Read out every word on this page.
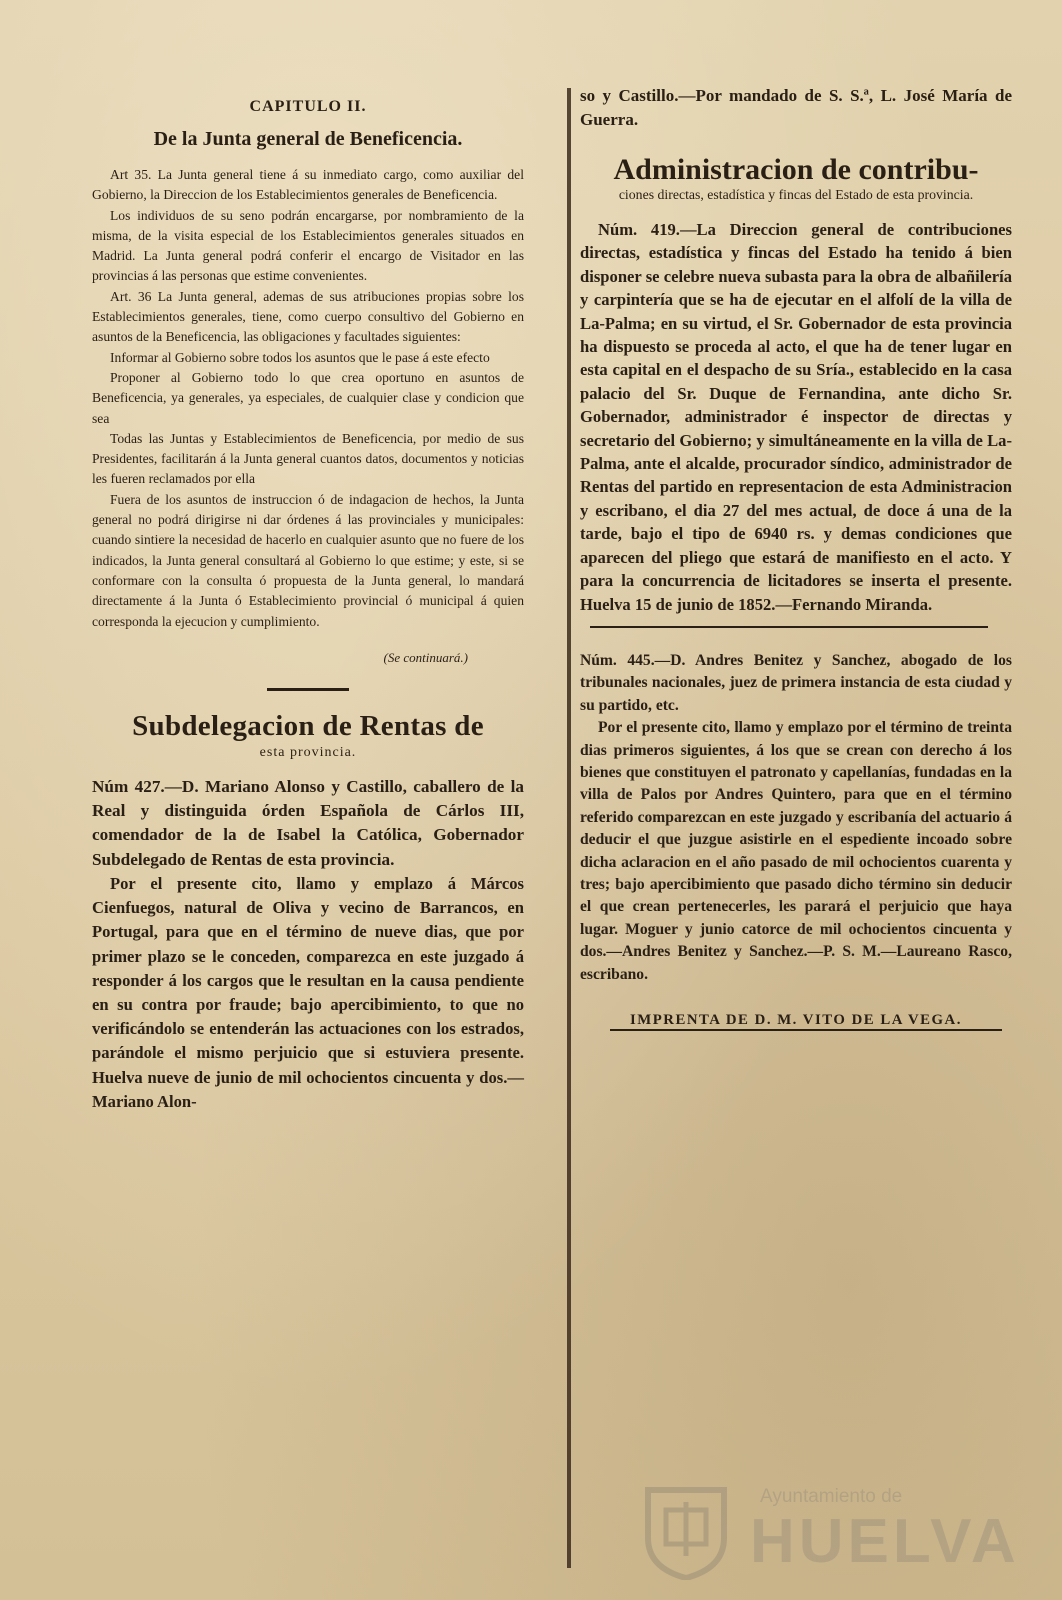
CAPITULO II.
De la Junta general de Beneficencia.

Art 35. La Junta general tiene á su inmediato cargo, como auxiliar del Gobierno, la Direccion de los Establecimientos generales de Beneficencia.

Los individuos de su seno podrán encargarse, por nombramiento de la misma, de la visita especial de los Establecimientos generales situados en Madrid. La Junta general podrá conferir el encargo de Visitador en las provincias á las personas que estime convenientes.

Art. 36 La Junta general, ademas de sus atribuciones propias sobre los Establecimientos generales, tiene, como cuerpo consultivo del Gobierno en asuntos de la Beneficencia, las obligaciones y facultades siguientes:

Informar al Gobierno sobre todos los asuntos que le pase á este efecto

Proponer al Gobierno todo lo que crea oportuno en asuntos de Beneficencia, ya generales, ya especiales, de cualquier clase y condicion que sea

Todas las Juntas y Establecimientos de Beneficencia, por medio de sus Presidentes, facilitarán á la Junta general cuantos datos, documentos y noticias les fueren reclamados por ella

Fuera de los asuntos de instruccion ó de indagacion de hechos, la Junta general no podrá dirigirse ni dar órdenes á las provinciales y municipales: cuando sintiere la necesidad de hacerlo en cualquier asunto que no fuere de los indicados, la Junta general consultará al Gobierno lo que estime; y este, si se conformare con la consulta ó propuesta de la Junta general, lo mandará directamente á la Junta ó Establecimiento provincial ó municipal á quien corresponda la ejecucion y cumplimiento.

(Se continuará.)
Subdelegacion de Rentas de
esta provincia.

Núm 427.—D. Mariano Alonso y Castillo, caballero de la Real y distinguida órden Española de Cárlos III, comendador de la de Isabel la Católica, Gobernador Subdelegado de Rentas de esta provincia.

Por el presente cito, llamo y emplazo á Márcos Cienfuegos, natural de Oliva y vecino de Barrancos, en Portugal, para que en el término de nueve dias, que por primer plazo se le conceden, comparezca en este juzgado á responder á los cargos que le resultan en la causa pendiente en su contra por fraude; bajo apercibimiento, to que no verificándolo se entenderán las actuaciones con los estrados, parándole el mismo perjuicio que si estuviera presente. Huelva nueve de junio de mil ochocientos cincuenta y dos.—Mariano Alon-

so y Castillo.—Por mandado de S. S.ª, L. José María de Guerra.

Administracion de contribu-
ciones directas, estadística y fincas del Estado de esta provincia.

Núm. 419.—La Direccion general de contribuciones directas, estadística y fincas del Estado ha tenido á bien disponer se celebre nueva subasta para la obra de albañilería y carpintería que se ha de ejecutar en el alfolí de la villa de La-Palma; en su virtud, el Sr. Gobernador de esta provincia ha dispuesto se proceda al acto, el que ha de tener lugar en esta capital en el despacho de su Sría., establecido en la casa palacio del Sr. Duque de Fernandina, ante dicho Sr. Gobernador, administrador é inspector de directas y secretario del Gobierno; y simultáneamente en la villa de La-Palma, ante el alcalde, procurador síndico, administrador de Rentas del partido en representacion de esta Administracion y escribano, el dia 27 del mes actual, de doce á una de la tarde, bajo el tipo de 6940 rs. y demas condiciones que aparecen del pliego que estará de manifiesto en el acto. Y para la concurrencia de licitadores se inserta el presente. Huelva 15 de junio de 1852.—Fernando Miranda.

Núm. 445.—D. Andres Benitez y Sanchez, abogado de los tribunales nacionales, juez de primera instancia de esta ciudad y su partido, etc.

Por el presente cito, llamo y emplazo por el término de treinta dias primeros siguientes, á los que se crean con derecho á los bienes que constituyen el patronato y capellanías, fundadas en la villa de Palos por Andres Quintero, para que en el término referido comparezcan en este juzgado y escribanía del actuario á deducir el que juzgue asistirle en el espediente incoado sobre dicha aclaracion en el año pasado de mil ochocientos cuarenta y tres; bajo apercibimiento que pasado dicho término sin deducir el que crean pertenecerles, les parará el perjuicio que haya lugar. Moguer y junio catorce de mil ochocientos cincuenta y dos.—Andres Benitez y Sanchez.—P. S. M.—Laureano Rasco, escribano.

IMPRENTA DE D. M. VITO DE LA VEGA.
Ayuntamiento de
HUELVA
